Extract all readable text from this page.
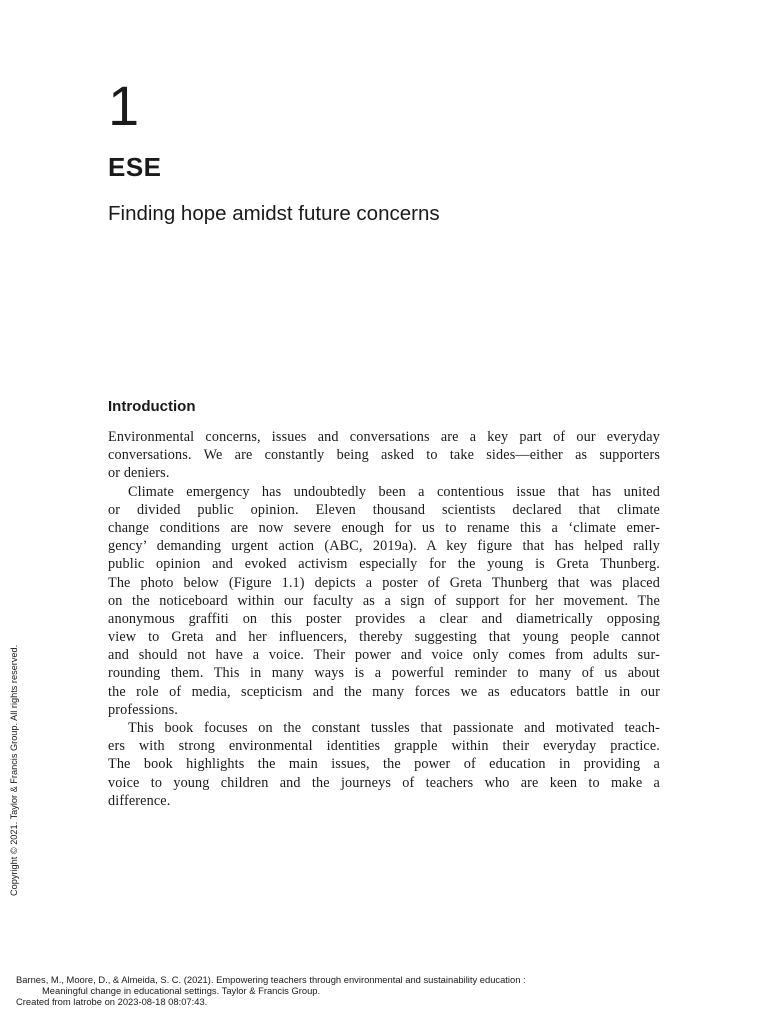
1
ESE
Finding hope amidst future concerns
Introduction
Environmental concerns, issues and conversations are a key part of our everyday
conversations. We are constantly being asked to take sides—either as supporters
or deniers.
Climate emergency has undoubtedly been a contentious issue that has united
or divided public opinion. Eleven thousand scientists declared that climate
change conditions are now severe enough for us to rename this a ‘climate emer-
gency’ demanding urgent action (ABC, 2019a). A key figure that has helped rally
public opinion and evoked activism especially for the young is Greta Thunberg.
The photo below (Figure 1.1) depicts a poster of Greta Thunberg that was placed
on the noticeboard within our faculty as a sign of support for her movement. The
anonymous graffiti on this poster provides a clear and diametrically opposing
view to Greta and her influencers, thereby suggesting that young people cannot
and should not have a voice. Their power and voice only comes from adults sur-
rounding them. This in many ways is a powerful reminder to many of us about
the role of media, scepticism and the many forces we as educators battle in our
professions.
This book focuses on the constant tussles that passionate and motivated teach-
ers with strong environmental identities grapple within their everyday practice.
The book highlights the main issues, the power of education in providing a
voice to young children and the journeys of teachers who are keen to make a
difference.
Copyright © 2021. Taylor & Francis Group. All rights reserved.
Barnes, M., Moore, D., & Almeida, S. C. (2021). Empowering teachers through environmental and sustainability education :
Meaningful change in educational settings. Taylor & Francis Group.
Created from latrobe on 2023-08-18 08:07:43.
